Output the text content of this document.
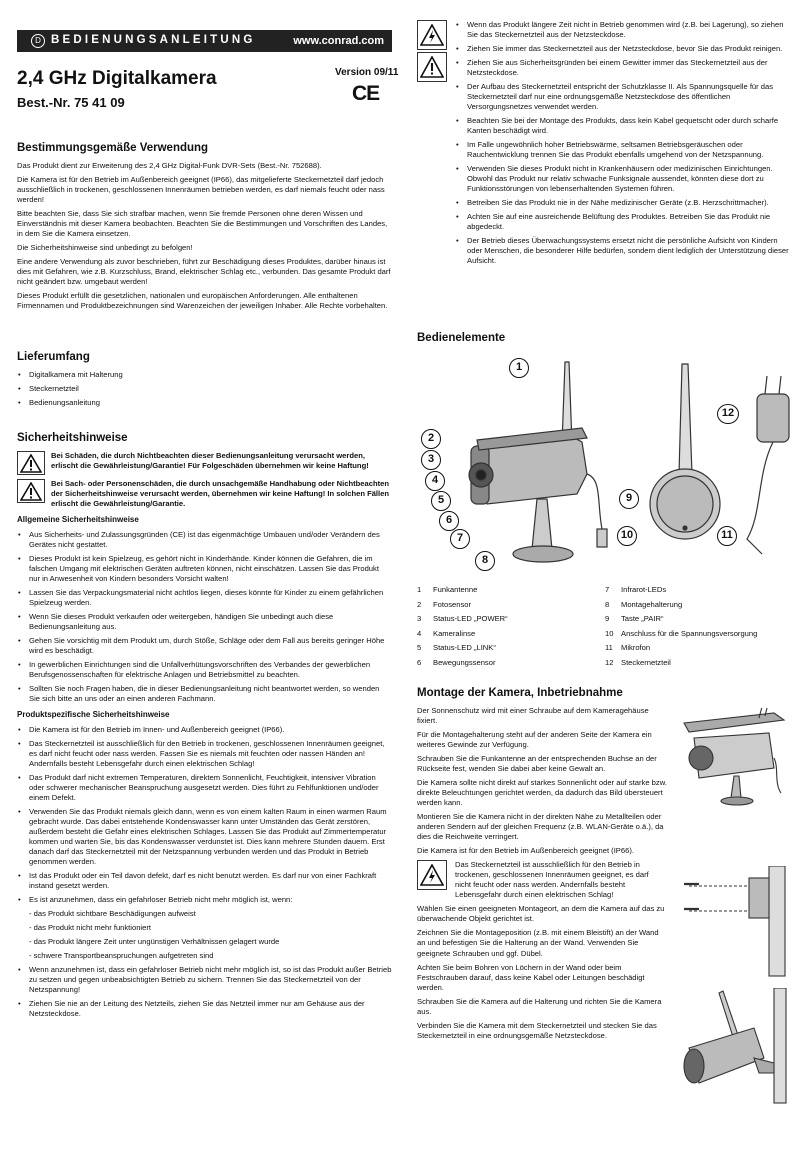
D BEDIENUNGSANLEITUNG	www.conrad.com
2,4 GHz Digitalkamera
Best.-Nr. 75 41 09
Version 09/11
CE
Bestimmungsgemäße Verwendung

Das Produkt dient zur Erweiterung des 2,4 GHz Digital-Funk DVR-Sets (Best.-Nr. 752688).

Die Kamera ist für den Betrieb im Außenbereich geeignet (IP66), das mitgelieferte Steckernetzteil darf jedoch ausschließlich in trockenen, geschlossenen Innenräumen betrieben werden, es darf niemals feucht oder nass werden!

Bitte beachten Sie, dass Sie sich strafbar machen, wenn Sie fremde Personen ohne deren Wissen und Einverständnis mit dieser Kamera beobachten. Beachten Sie die Bestimmungen und Vorschriften des Landes, in dem Sie die Kamera einsetzen.

Die Sicherheitshinweise sind unbedingt zu befolgen!

Eine andere Verwendung als zuvor beschrieben, führt zur Beschädigung dieses Produktes, darüber hinaus ist dies mit Gefahren, wie z.B. Kurzschluss, Brand, elektrischer Schlag etc., verbunden. Das gesamte Produkt darf nicht geändert bzw. umgebaut werden!

Dieses Produkt erfüllt die gesetzlichen, nationalen und europäischen Anforderungen. Alle enthaltenen Firmennamen und Produktbezeichnungen sind Warenzeichen der jeweiligen Inhaber. Alle Rechte vorbehalten.

Lieferumfang
• Digitalkamera mit Halterung
• Steckernetzteil
• Bedienungsanleitung
Sicherheitshinweise
Bei Schäden, die durch Nichtbeachten dieser Bedienungsanleitung verursacht werden, erlischt die Gewährleistung/Garantie! Für Folgeschäden übernehmen wir keine Haftung!
Bei Sach- oder Personenschäden, die durch unsachgemäße Handhabung oder Nichtbeachten der Sicherheitshinweise verursacht werden, übernehmen wir keine Haftung! In solchen Fällen erlischt die Gewährleistung/Garantie.
Allgemeine Sicherheitshinweise
• Aus Sicherheits- und Zulassungsgründen (CE) ist das eigenmächtige Umbauen und/oder Verändern des Gerätes nicht gestattet.
• Dieses Produkt ist kein Spielzeug, es gehört nicht in Kinderhände. Kinder können die Gefahren, die im falschen Umgang mit elektrischen Geräten auftreten können, nicht einschätzen. Lassen Sie das Produkt nur in Anwesenheit von Kindern besonders Vorsicht walten!
• Lassen Sie das Verpackungsmaterial nicht achtlos liegen, dieses könnte für Kinder zu einem gefährlichen Spielzeug werden.
• Wenn Sie dieses Produkt verkaufen oder weitergeben, händigen Sie unbedingt auch diese Bedienungsanleitung aus.
• Gehen Sie vorsichtig mit dem Produkt um, durch Stöße, Schläge oder dem Fall aus bereits geringer Höhe wird es beschädigt.
• In gewerblichen Einrichtungen sind die Unfallverhütungsvorschriften des Verbandes der gewerblichen Berufsgenossenschaften für elektrische Anlagen und Betriebsmittel zu beachten.
• Sollten Sie noch Fragen haben, die in dieser Bedienungsanleitung nicht beantwortet werden, so wenden Sie sich bitte an uns oder an einen anderen Fachmann.
Produktspezifische Sicherheitshinweise
• Die Kamera ist für den Betrieb im Innen- und Außenbereich geeignet (IP66).
• Das Steckernetzteil ist ausschließlich für den Betrieb in trockenen, geschlossenen Innenräumen geeignet, es darf nicht feucht oder nass werden. Fassen Sie es niemals mit feuchten oder nassen Händen an! Andernfalls besteht Lebensgefahr durch einen elektrischen Schlag!
• Das Produkt darf nicht extremen Temperaturen, direktem Sonnenlicht, Feuchtigkeit, intensiver Vibration oder schwerer mechanischer Beanspruchung ausgesetzt werden. Dies führt zu Fehlfunktionen und/oder einem Defekt.
• Verwenden Sie das Produkt niemals gleich dann, wenn es von einem kalten Raum in einen warmen Raum gebracht wurde. Das dabei entstehende Kondenswasser kann unter Umständen das Gerät zerstören, außerdem besteht die Gefahr eines elektrischen Schlages. Lassen Sie das Produkt auf Zimmertemperatur kommen und warten Sie, bis das Kondenswasser verdunstet ist. Dies kann mehrere Stunden dauern. Erst danach darf das Steckernetzteil mit der Netzspannung verbunden werden und das Produkt in Betrieb genommen werden.
• Ist das Produkt oder ein Teil davon defekt, darf es nicht benutzt werden. Es darf nur von einer Fachkraft instand gesetzt werden.
• Es ist anzunehmen, dass ein gefahrloser Betrieb nicht mehr möglich ist, wenn:
- das Produkt sichtbare Beschädigungen aufweist
- das Produkt nicht mehr funktioniert
- das Produkt längere Zeit unter ungünstigen Verhältnissen gelagert wurde
- schwere Transportbeanspruchungen aufgetreten sind
• Wenn anzunehmen ist, dass ein gefahrloser Betrieb nicht mehr möglich ist, so ist das Produkt außer Betrieb zu setzen und gegen unbeabsichtigten Betrieb zu sichern. Trennen Sie das Steckernetzteil von der Netzspannung!
• Ziehen Sie nie an der Leitung des Netzteils, ziehen Sie das Netzteil immer nur am Gehäuse aus der Netzsteckdose.
• Wenn das Produkt längere Zeit nicht in Betrieb genommen wird (z.B. bei Lagerung), so ziehen Sie das Steckernetzteil aus der Netzsteckdose.
• Ziehen Sie immer das Steckernetzteil aus der Netzsteckdose, bevor Sie das Produkt reinigen.
• Ziehen Sie aus Sicherheitsgründen bei einem Gewitter immer das Steckernetzteil aus der Netzsteckdose.
• Der Aufbau des Steckernetzteil entspricht der Schutzklasse II. Als Spannungsquelle für das Steckernetzteil darf nur eine ordnungsgemäße Netzsteckdose des öffentlichen Versorgungsnetzes verwendet werden.
• Beachten Sie bei der Montage des Produkts, dass kein Kabel gequetscht oder durch scharfe Kanten beschädigt wird.
• Im Falle ungewöhnlich hoher Betriebswärme, seltsamen Betriebsgeräuschen oder Rauchentwicklung trennen Sie das Produkt ebenfalls umgehend von der Netzspannung.
• Verwenden Sie dieses Produkt nicht in Krankenhäusern oder medizinischen Einrichtungen. Obwohl das Produkt nur relativ schwache Funksignale aussendet, könnten diese dort zu Funktionsstörungen von lebenserhaltenden Systemen führen.
• Betreiben Sie das Produkt nie in der Nähe medizinischer Geräte (z.B. Herzschrittmacher).
• Achten Sie auf eine ausreichende Belüftung des Produktes. Betreiben Sie das Produkt nie abgedeckt.
• Der Betrieb dieses Überwachungssystems ersetzt nicht die persönliche Aufsicht von Kindern oder Menschen, die besonderer Hilfe bedürfen, sondern dient lediglich der Unterstützung dieser Aufsicht.
Bedienelemente
1
2
3
4
5
6
7
8
9
10	11
12
1	Funkantenne	7	Infrarot-LEDs
2	Fotosensor	8	Montagehalterung
3	Status-LED „POWER“	9	Taste „PAIR“
4	Kameralinse	10 Anschluss für die Spannungsversorgung
5	Status-LED „LINK“	11	Mikrofon
6	Bewegungssensor	12 Steckernetzteil
Montage der Kamera, Inbetriebnahme

Der Sonnenschutz wird mit einer Schraube auf dem Kameragehäuse fixiert.

Für die Montagehalterung steht auf der anderen Seite der Kamera ein weiteres Gewinde zur Verfügung.

Schrauben Sie die Funkantenne an der entsprechenden Buchse an der Rückseite fest, wenden Sie dabei aber keine Gewalt an.

Die Kamera sollte nicht direkt auf starkes Sonnenlicht oder auf starke bzw. direkte Beleuchtungen gerichtet werden, da dadurch das Bild übersteuert werden kann.

Montieren Sie die Kamera nicht in der direkten Nähe zu Metallteilen oder anderen Sendern auf der gleichen Frequenz (z.B. WLAN-Geräte o.ä.), da dies die Reichweite verringert.

Die Kamera ist für den Betrieb im Außenbereich geeignet (IP66).

Das Steckernetzteil ist ausschließlich für den Betrieb in trockenen, geschlossenen Innenräumen geeignet, es darf nicht feucht oder nass werden. Andernfalls besteht Lebensgefahr durch einen elektrischen Schlag!

Wählen Sie einen geeigneten Montageort, an dem die Kamera auf das zu überwachende Objekt gerichtet ist.

Zeichnen Sie die Montageposition (z.B. mit einem Bleistift) an der Wand an und befestigen Sie die Halterung an der Wand. Verwenden Sie geeignete Schrauben und ggf. Dübel.

Achten Sie beim Bohren von Löchern in der Wand oder beim Festschrauben darauf, dass keine Kabel oder Leitungen beschädigt werden.

Schrauben Sie die Kamera auf die Halterung und richten Sie die Kamera aus.

Verbinden Sie die Kamera mit dem Steckernetzteil und stecken Sie das Steckernetzteil in eine ordnungsgemäße Netzsteckdose.
